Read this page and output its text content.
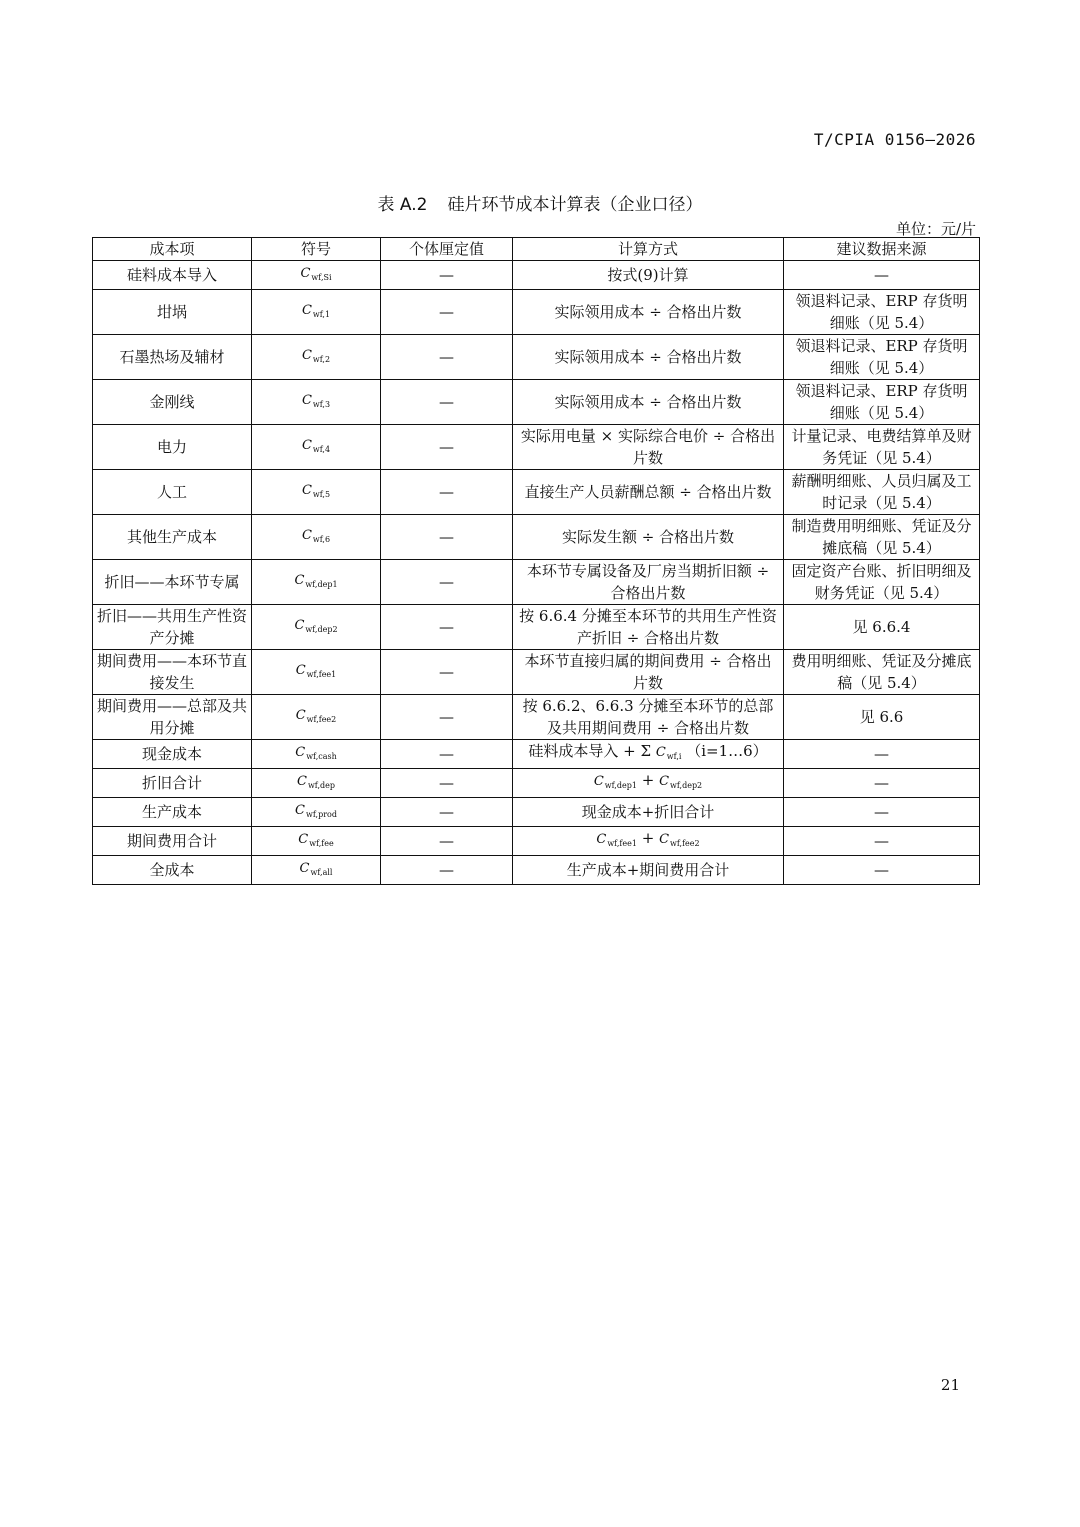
T/CPIA 0156—2026
表 A.2 硅片环节成本计算表（企业口径）
单位：元/片
成本项	符号	个体厘定值	计算方式	建议数据来源
硅料成本导入	$C_{wf,Si}$	—	按式(9)计算	—
坩埚	$C_{wf,1}$	—	实际领用成本 ÷ 合格出片数	领退料记录、ERP 存货明细账（见 5.4）
石墨热场及辅材	$C_{wf,2}$	—	实际领用成本 ÷ 合格出片数	领退料记录、ERP 存货明细账（见 5.4）
金刚线	$C_{wf,3}$	—	实际领用成本 ÷ 合格出片数	领退料记录、ERP 存货明细账（见 5.4）
电力	$C_{wf,4}$	—	实际用电量 × 实际综合电价 ÷ 合格出片数	计量记录、电费结算单及财务凭证（见 5.4）
人工	$C_{wf,5}$	—	直接生产人员薪酬总额 ÷ 合格出片数	薪酬明细账、人员归属及工时记录（见 5.4）
其他生产成本	$C_{wf,6}$	—	实际发生额 ÷ 合格出片数	制造费用明细账、凭证及分摊底稿（见 5.4）
折旧——本环节专属	$C_{wf,dep1}$	—	本环节专属设备及厂房当期折旧额 ÷ 合格出片数	固定资产台账、折旧明细及财务凭证（见 5.4）
折旧——共用生产性资产分摊	$C_{wf,dep2}$	—	按 6.6.4 分摊至本环节的共用生产性资产折旧 ÷ 合格出片数	见 6.6.4
期间费用——本环节直接发生	$C_{wf,fee1}$	—	本环节直接归属的期间费用 ÷ 合格出片数	费用明细账、凭证及分摊底稿（见 5.4）
期间费用——总部及共用分摊	$C_{wf,fee2}$	—	按 6.6.2、6.6.3 分摊至本环节的总部及共用期间费用 ÷ 合格出片数	见 6.6
现金成本	$C_{wf,cash}$	—	硅料成本导入 + Σ $C_{wf,i}$ （i=1…6）	—
折旧合计	$C_{wf,dep}$	—	$C_{wf,dep1} + C_{wf,dep2}$	—
生产成本	$C_{wf,prod}$	—	现金成本+折旧合计	—
期间费用合计	$C_{wf,fee}$	—	$C_{wf,fee1} + C_{wf,fee2}$	—
全成本	$C_{wf,all}$	—	生产成本+期间费用合计	—
21
